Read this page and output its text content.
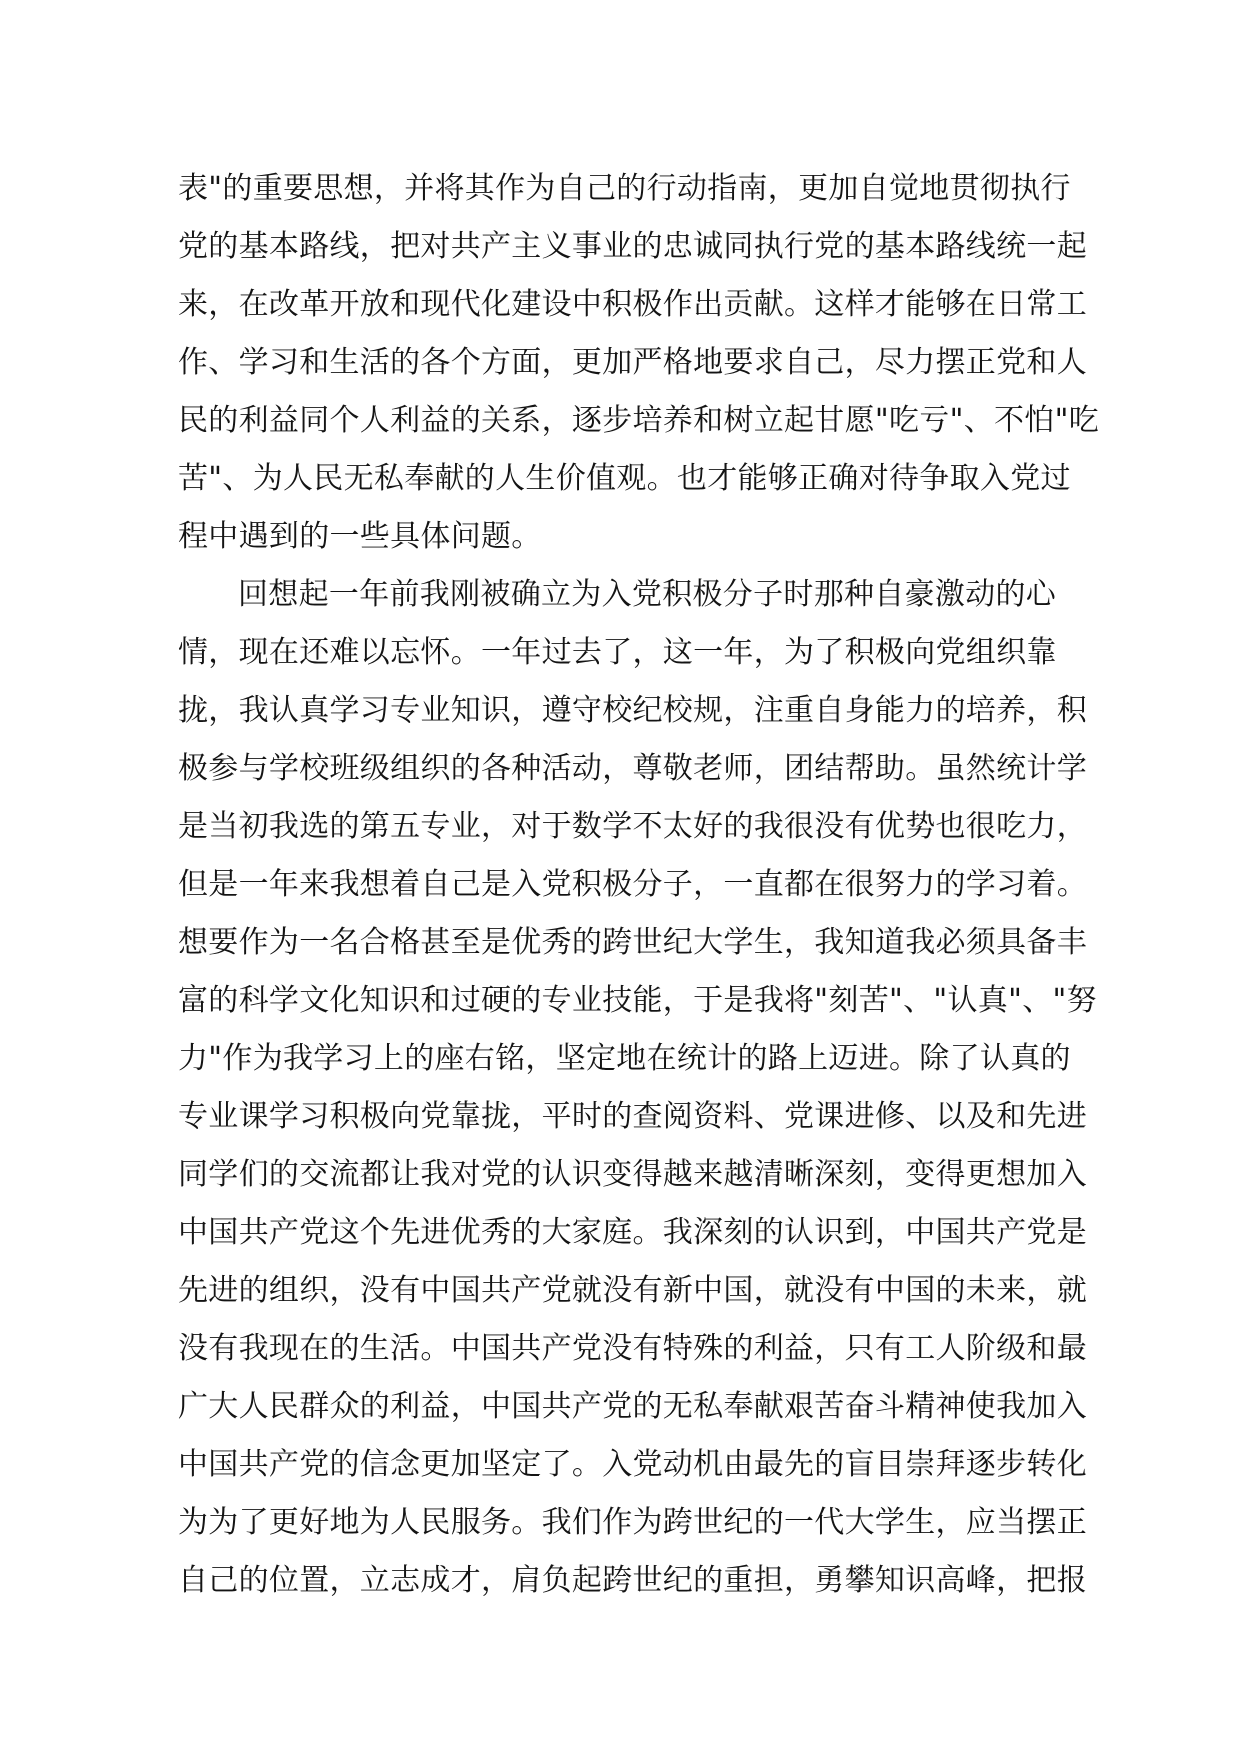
表"的重要思想，并将其作为自己的行动指南，更加自觉地贯彻执行
党的基本路线，把对共产主义事业的忠诚同执行党的基本路线统一起
来，在改革开放和现代化建设中积极作出贡献。这样才能够在日常工
作、学习和生活的各个方面，更加严格地要求自己，尽力摆正党和人
民的利益同个人利益的关系，逐步培养和树立起甘愿"吃亏"、不怕"吃
苦"、为人民无私奉献的人生价值观。也才能够正确对待争取入党过
程中遇到的一些具体问题。
回想起一年前我刚被确立为入党积极分子时那种自豪激动的心
情，现在还难以忘怀。一年过去了，这一年，为了积极向党组织靠
拢，我认真学习专业知识，遵守校纪校规，注重自身能力的培养，积
极参与学校班级组织的各种活动，尊敬老师，团结帮助。虽然统计学
是当初我选的第五专业，对于数学不太好的我很没有优势也很吃力，
但是一年来我想着自己是入党积极分子，一直都在很努力的学习着。
想要作为一名合格甚至是优秀的跨世纪大学生，我知道我必须具备丰
富的科学文化知识和过硬的专业技能，于是我将"刻苦"、"认真"、"努
力"作为我学习上的座右铭，坚定地在统计的路上迈进。除了认真的
专业课学习积极向党靠拢，平时的查阅资料、党课进修、以及和先进
同学们的交流都让我对党的认识变得越来越清晰深刻，变得更想加入
中国共产党这个先进优秀的大家庭。我深刻的认识到，中国共产党是
先进的组织，没有中国共产党就没有新中国，就没有中国的未来，就
没有我现在的生活。中国共产党没有特殊的利益，只有工人阶级和最
广大人民群众的利益，中国共产党的无私奉献艰苦奋斗精神使我加入
中国共产党的信念更加坚定了。入党动机由最先的盲目崇拜逐步转化
为为了更好地为人民服务。我们作为跨世纪的一代大学生，应当摆正
自己的位置，立志成才，肩负起跨世纪的重担，勇攀知识高峰，把报
